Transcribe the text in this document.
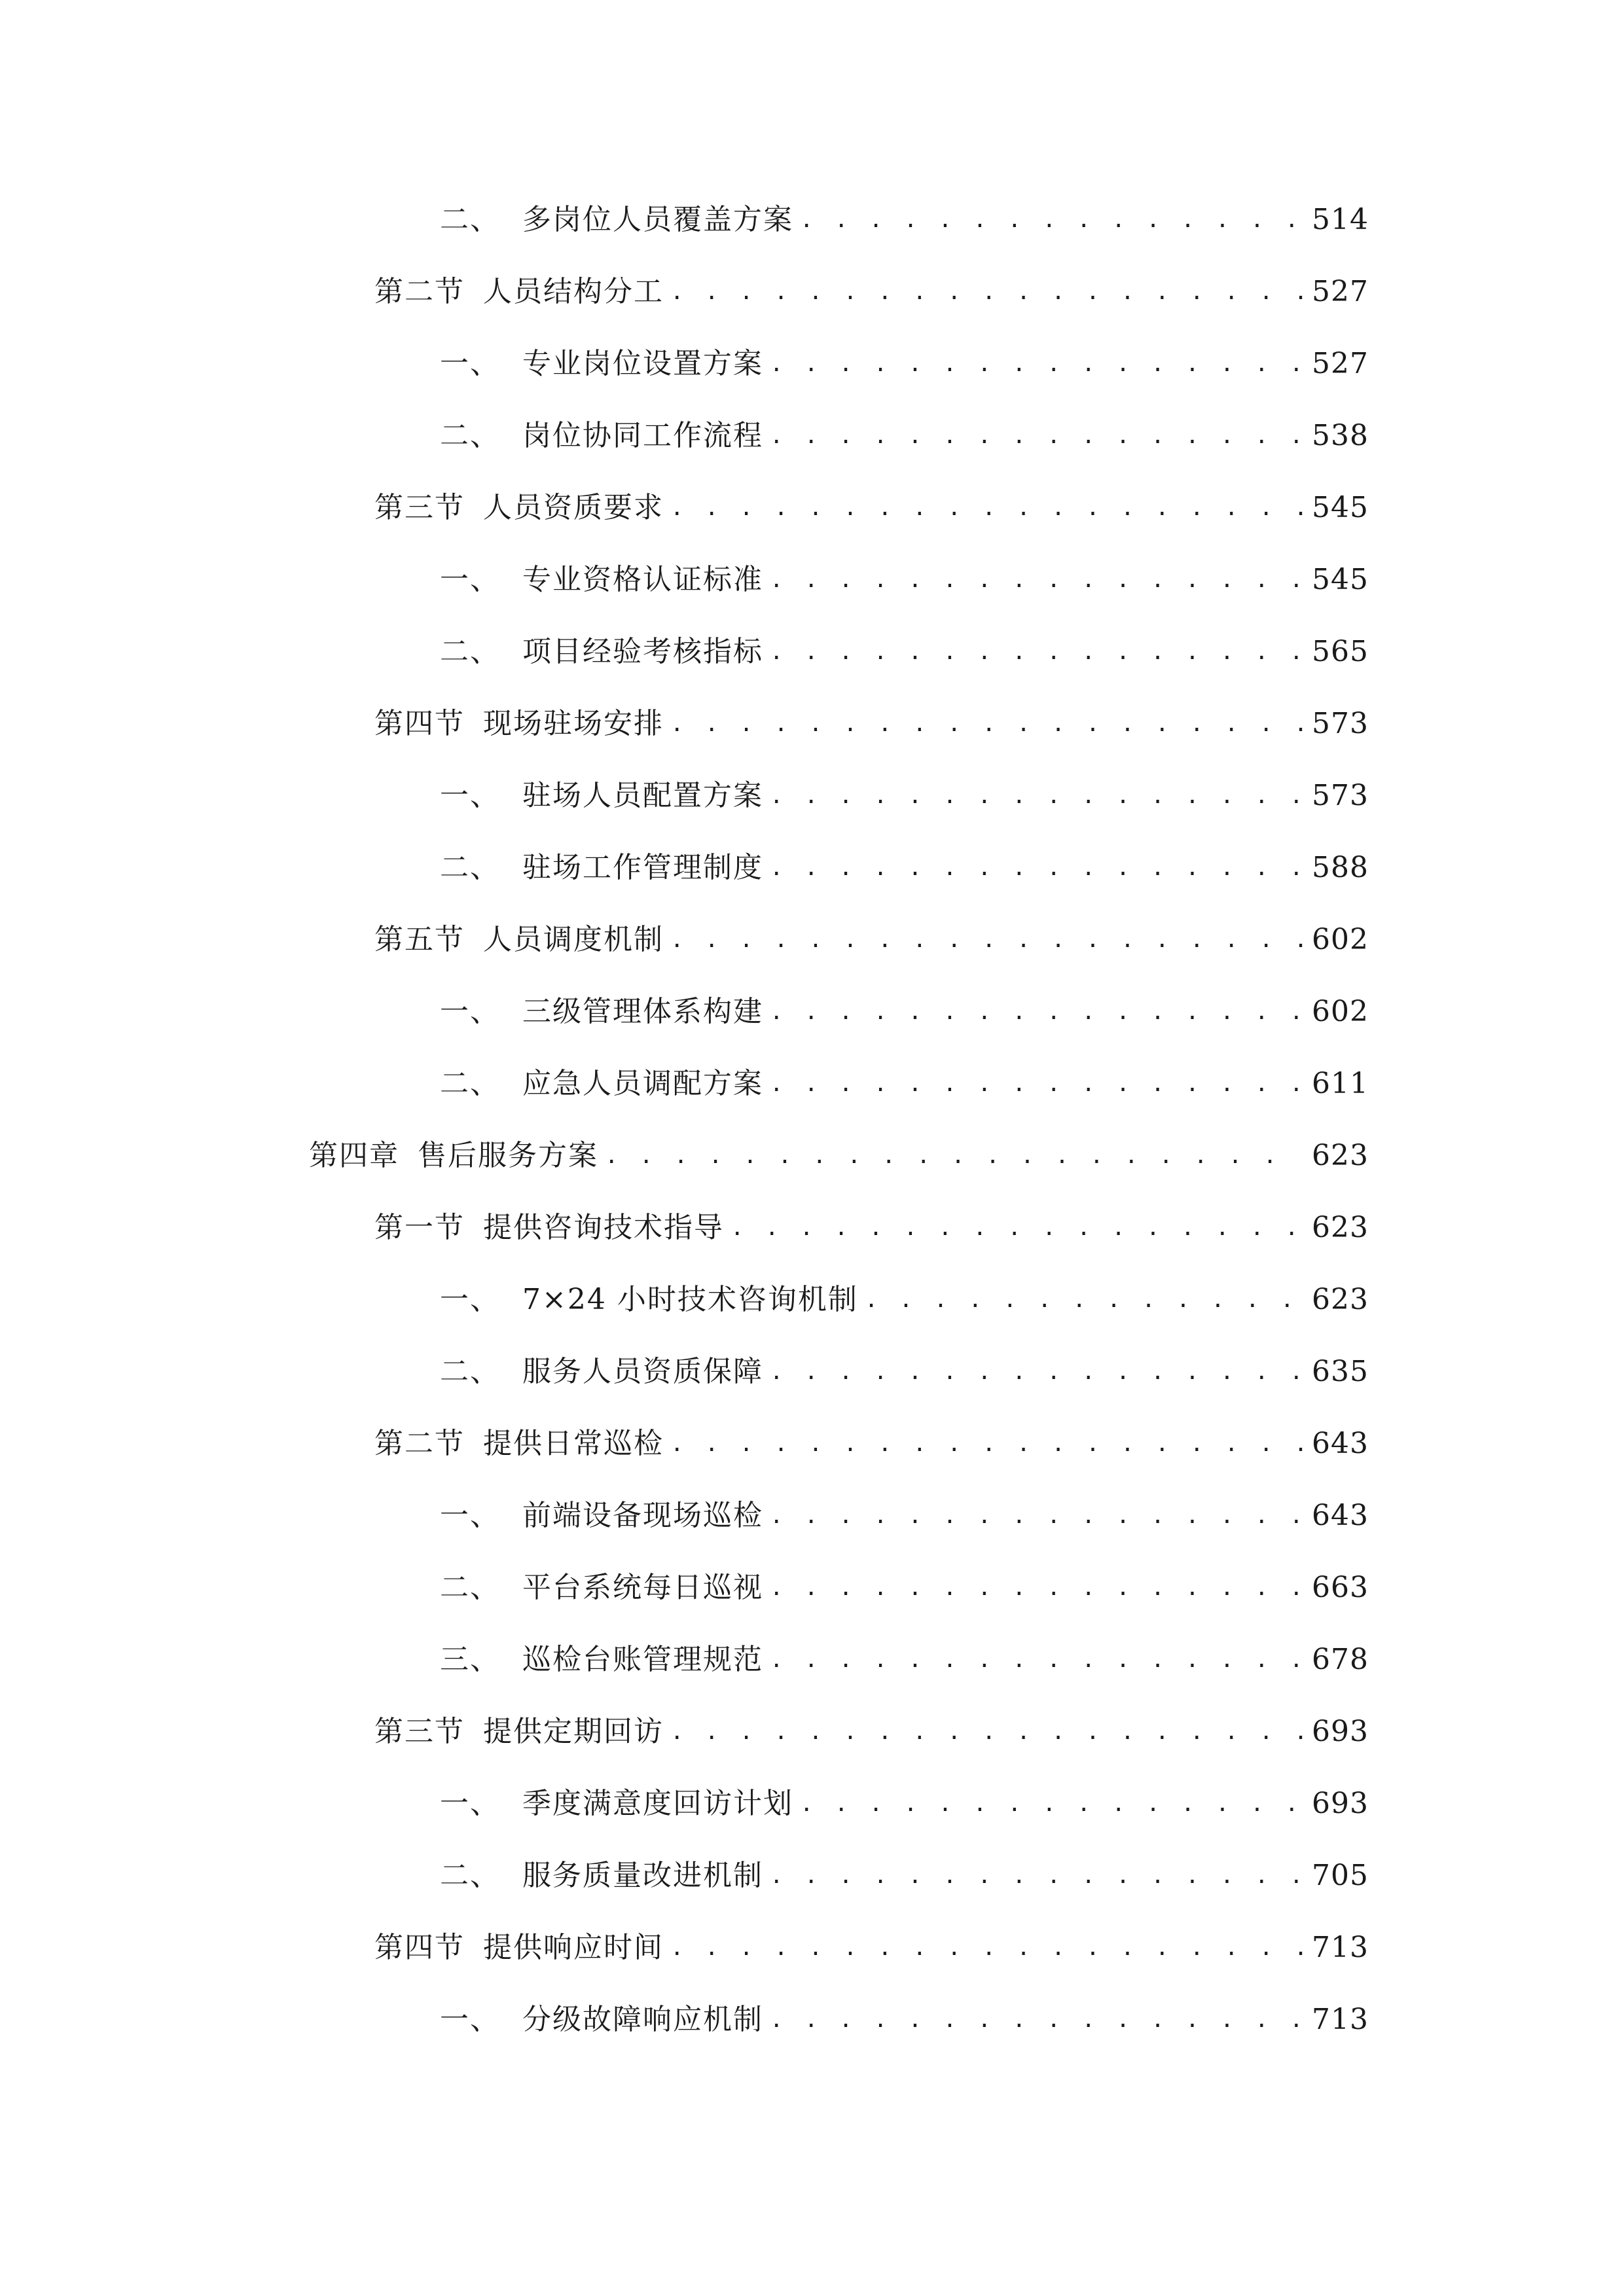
二、 多岗位人员覆盖方案 . . .	514
第二节 人员结构分工 . . .	527
一、 专业岗位设置方案 . . .	527
二、 岗位协同工作流程 . . .	538
第三节 人员资质要求 . . .	545
一、 专业资格认证标准 . . .	545
二、 项目经验考核指标 . . .	565
第四节 现场驻场安排 . . .	573
一、 驻场人员配置方案 . . .	573
二、 驻场工作管理制度 . . .	588
第五节 人员调度机制 . . .	602
一、 三级管理体系构建 . . .	602
二、 应急人员调配方案 . . .	611
第四章 售后服务方案 . . .	623
第一节 提供咨询技术指导 . . .	623
一、 7×24 小时技术咨询机制 . . .	623
二、 服务人员资质保障 . . .	635
第二节 提供日常巡检 . . .	643
一、 前端设备现场巡检 . . .	643
二、 平台系统每日巡视 . . .	663
三、 巡检台账管理规范 . . .	678
第三节 提供定期回访 . . .	693
一、 季度满意度回访计划 . . .	693
二、 服务质量改进机制 . . .	705
第四节 提供响应时间 . . .	713
一、 分级故障响应机制 . . .	713
